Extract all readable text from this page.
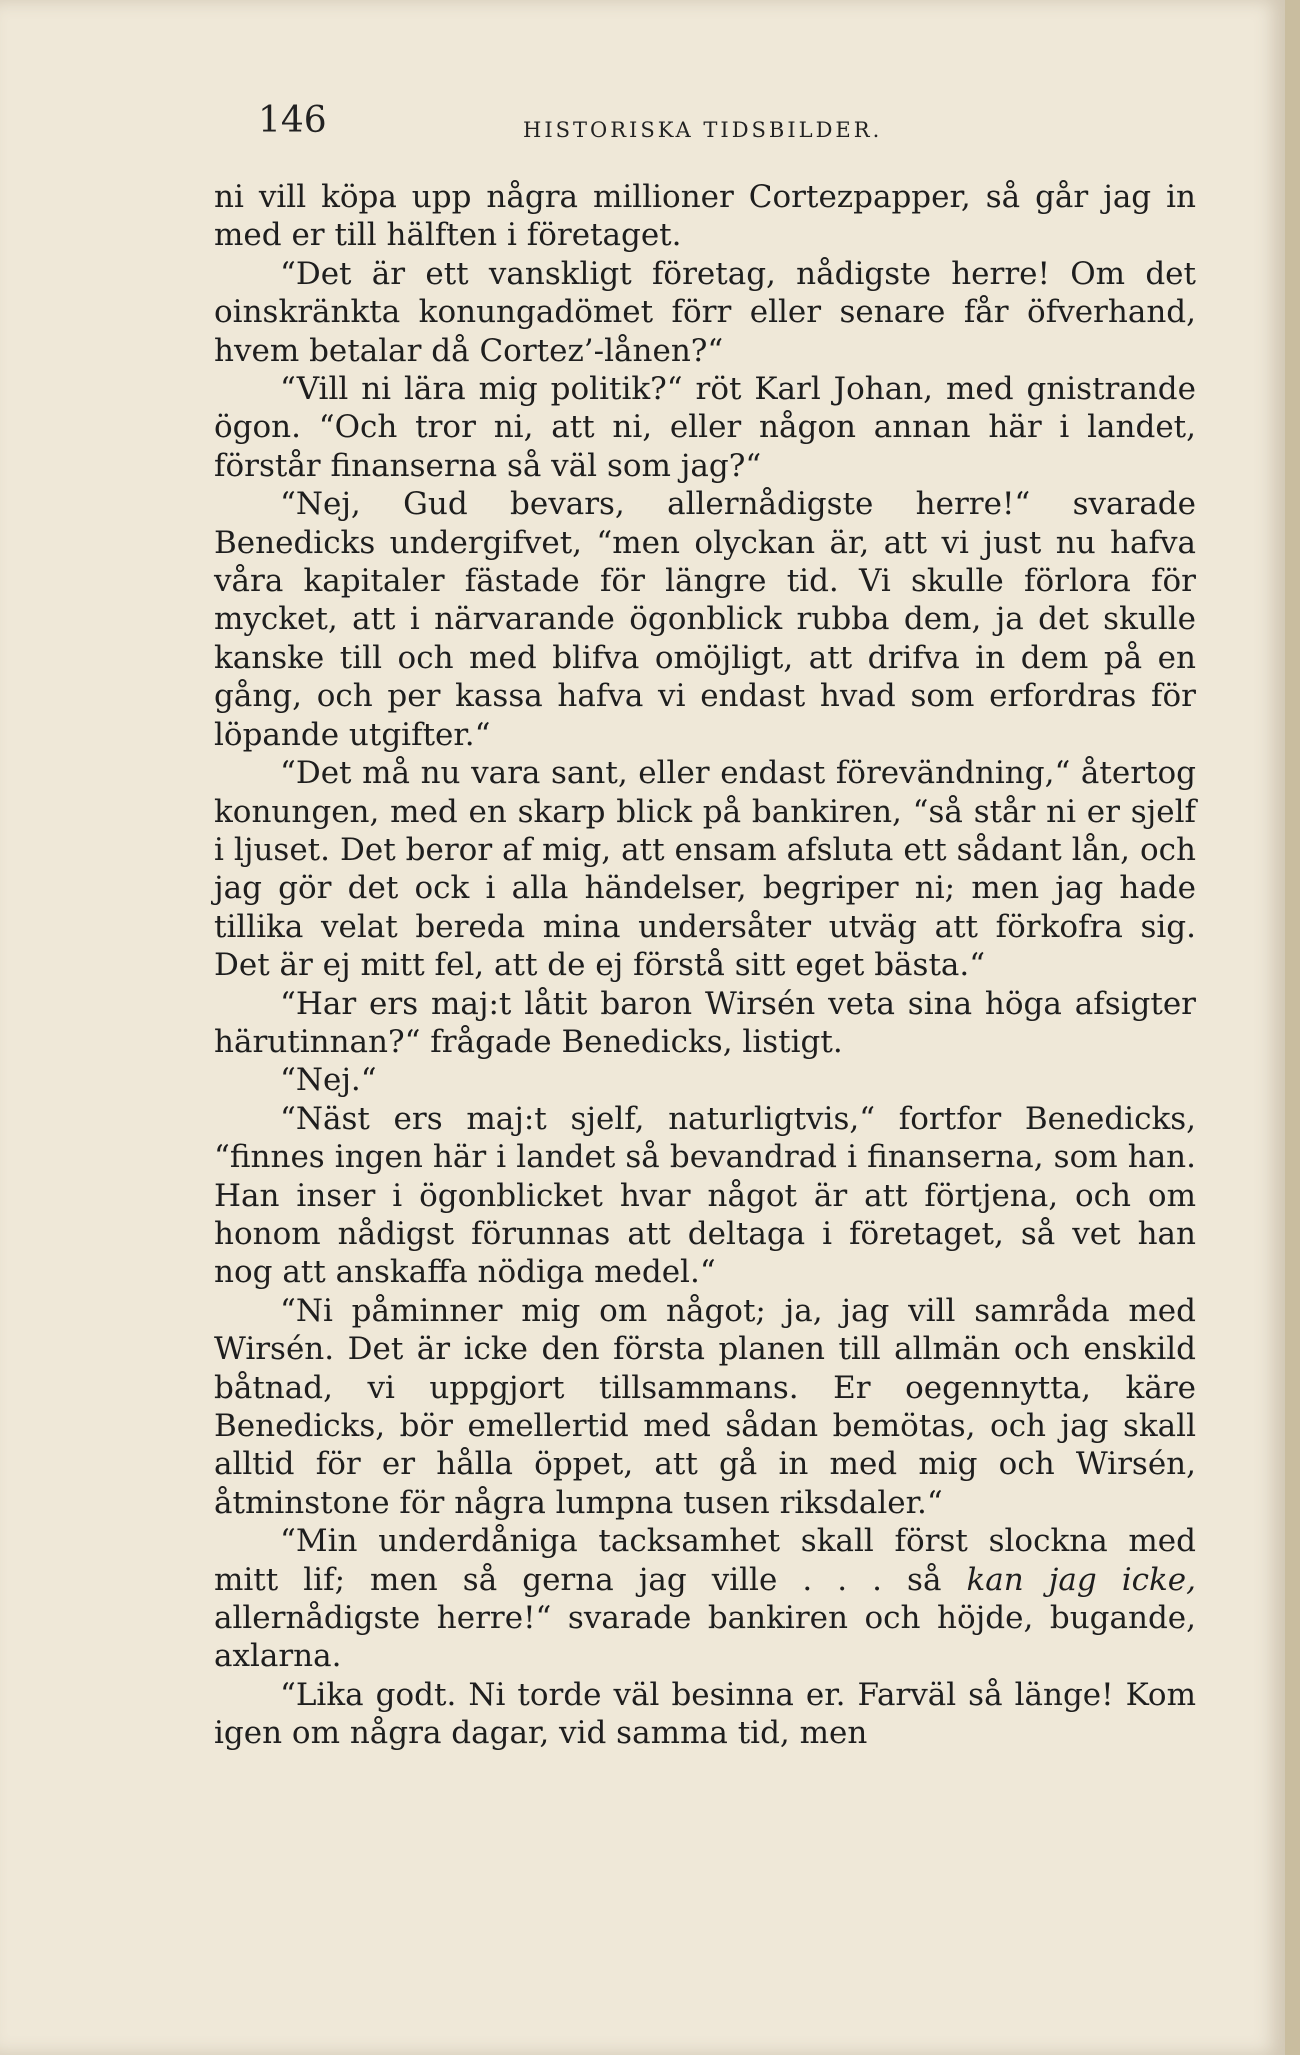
146	HISTORISKA TIDSBILDER.

ni vill köpa upp några millioner Cortezpapper, så går jag in med er till hälften i företaget.

“Det är ett vanskligt företag, nådigste herre! Om det oinskränkta konungadömet förr eller senare får öfverhand, hvem betalar då Cortez’-lånen?“

“Vill ni lära mig politik?“ röt Karl Johan, med gnistrande ögon. “Och tror ni, att ni, eller någon annan här i landet, förstår finanserna så väl som jag?“

“Nej, Gud bevars, allernådigste herre!“ svarade Benedicks undergifvet, “men olyckan är, att vi just nu hafva våra kapitaler fästade för längre tid. Vi skulle förlora för mycket, att i närvarande ögonblick rubba dem, ja det skulle kanske till och med blifva omöjligt, att drifva in dem på en gång, och per kassa hafva vi endast hvad som erfordras för löpande utgifter.“

“Det må nu vara sant, eller endast förevändning,“ återtog konungen, med en skarp blick på bankiren, “så står ni er sjelf i ljuset. Det beror af mig, att ensam afsluta ett sådant lån, och jag gör det ock i alla händelser, begriper ni; men jag hade tillika velat bereda mina undersåter utväg att förkofra sig. Det är ej mitt fel, att de ej förstå sitt eget bästa.“

“Har ers maj:t låtit baron Wirsén veta sina höga afsigter härutinnan?“ frågade Benedicks, listigt.

“Nej.“

“Näst ers maj:t sjelf, naturligtvis,“ fortfor Benedicks, “finnes ingen här i landet så bevandrad i finanserna, som han. Han inser i ögonblicket hvar något är att förtjena, och om honom nådigst förunnas att deltaga i företaget, så vet han nog att anskaffa nödiga medel.“

“Ni påminner mig om något; ja, jag vill samråda med Wirsén. Det är icke den första planen till allmän och enskild båtnad, vi uppgjort tillsammans. Er oegennytta, käre Benedicks, bör emellertid med sådan bemötas, och jag skall alltid för er hålla öppet, att gå in med mig och Wirsén, åtminstone för några lumpna tusen riksdaler.“

“Min underdåniga tacksamhet skall först slockna med mitt lif; men så gerna jag ville . . . så kan jag icke, allernådigste herre!“ svarade bankiren och höjde, bugande, axlarna.

“Lika godt. Ni torde väl besinna er. Farväl så länge! Kom igen om några dagar, vid samma tid, men
